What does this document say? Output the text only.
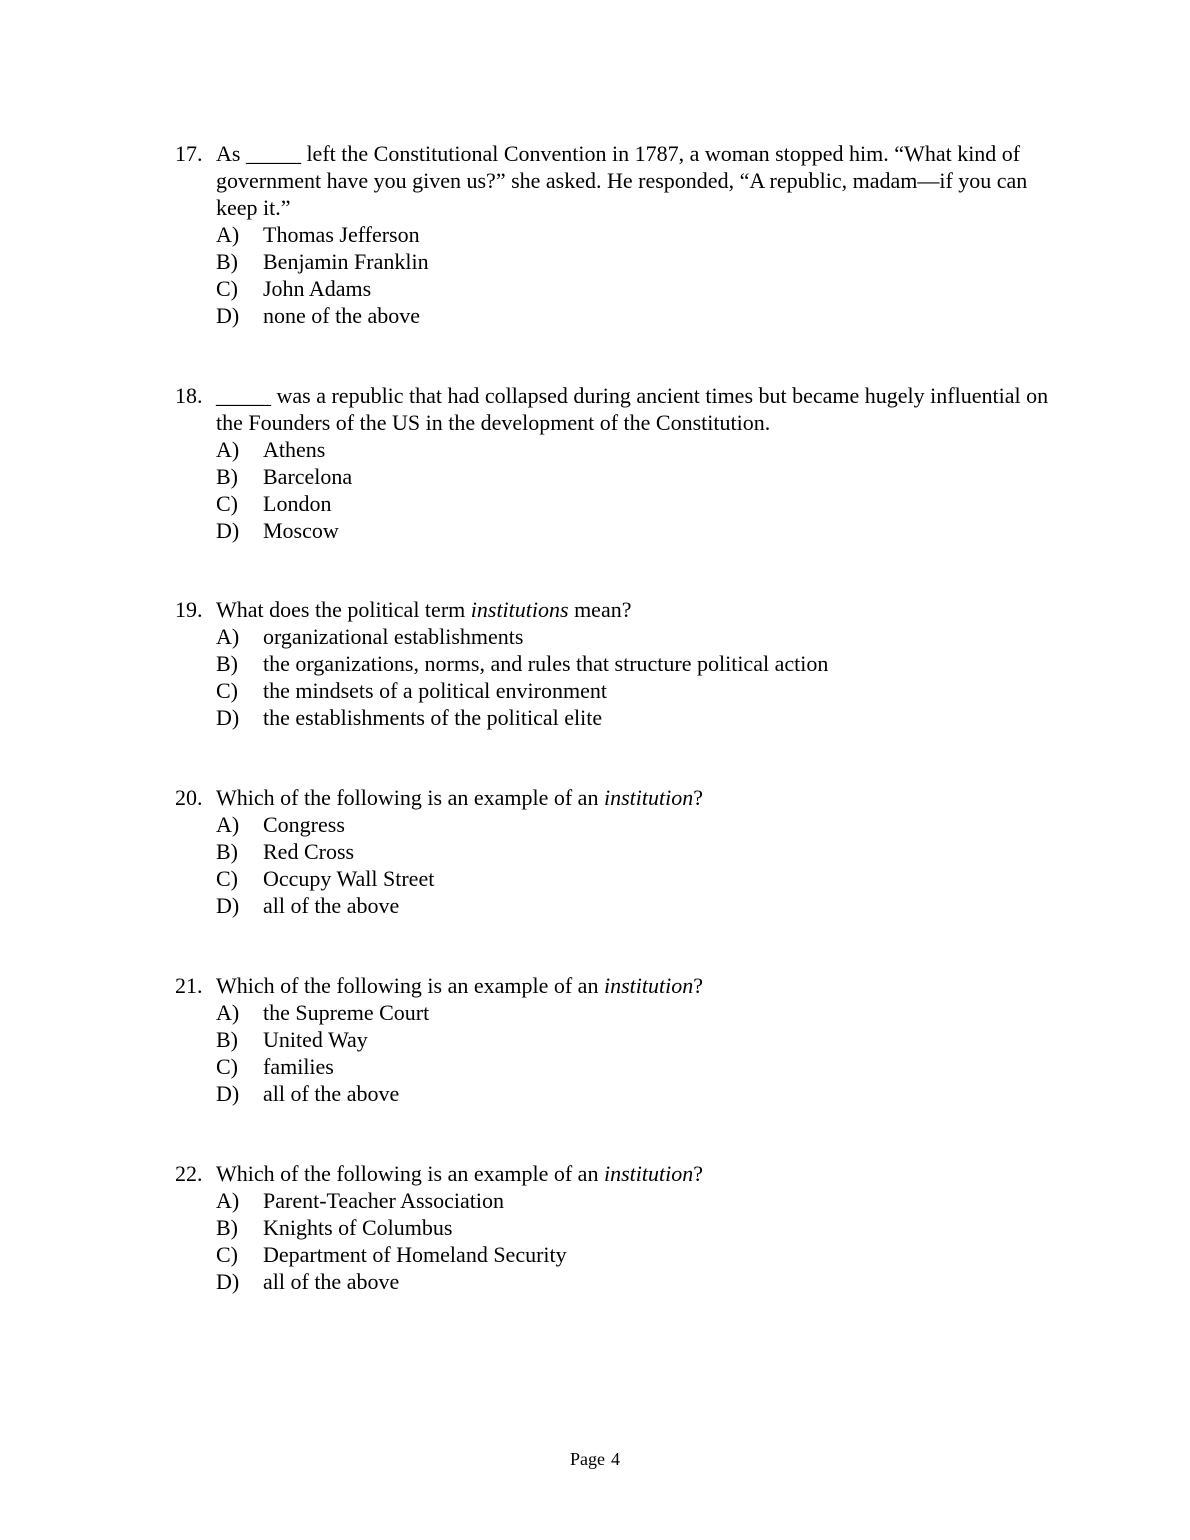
17. As _____ left the Constitutional Convention in 1787, a woman stopped him. “What kind of government have you given us?” she asked. He responded, “A republic, madam—if you can keep it.”
A)	Thomas Jefferson
B)	Benjamin Franklin
C)	John Adams
D)	none of the above
18. _____ was a republic that had collapsed during ancient times but became hugely influential on the Founders of the US in the development of the Constitution.
A)	Athens
B)	Barcelona
C)	London
D)	Moscow
19. What does the political term institutions mean?
A)	organizational establishments
B)	the organizations, norms, and rules that structure political action
C)	the mindsets of a political environment
D)	the establishments of the political elite
20. Which of the following is an example of an institution?
A)	Congress
B)	Red Cross
C)	Occupy Wall Street
D)	all of the above
21. Which of the following is an example of an institution?
A)	the Supreme Court
B)	United Way
C)	families
D)	all of the above
22. Which of the following is an example of an institution?
A)	Parent-Teacher Association
B)	Knights of Columbus
C)	Department of Homeland Security
D)	all of the above
Page 4
